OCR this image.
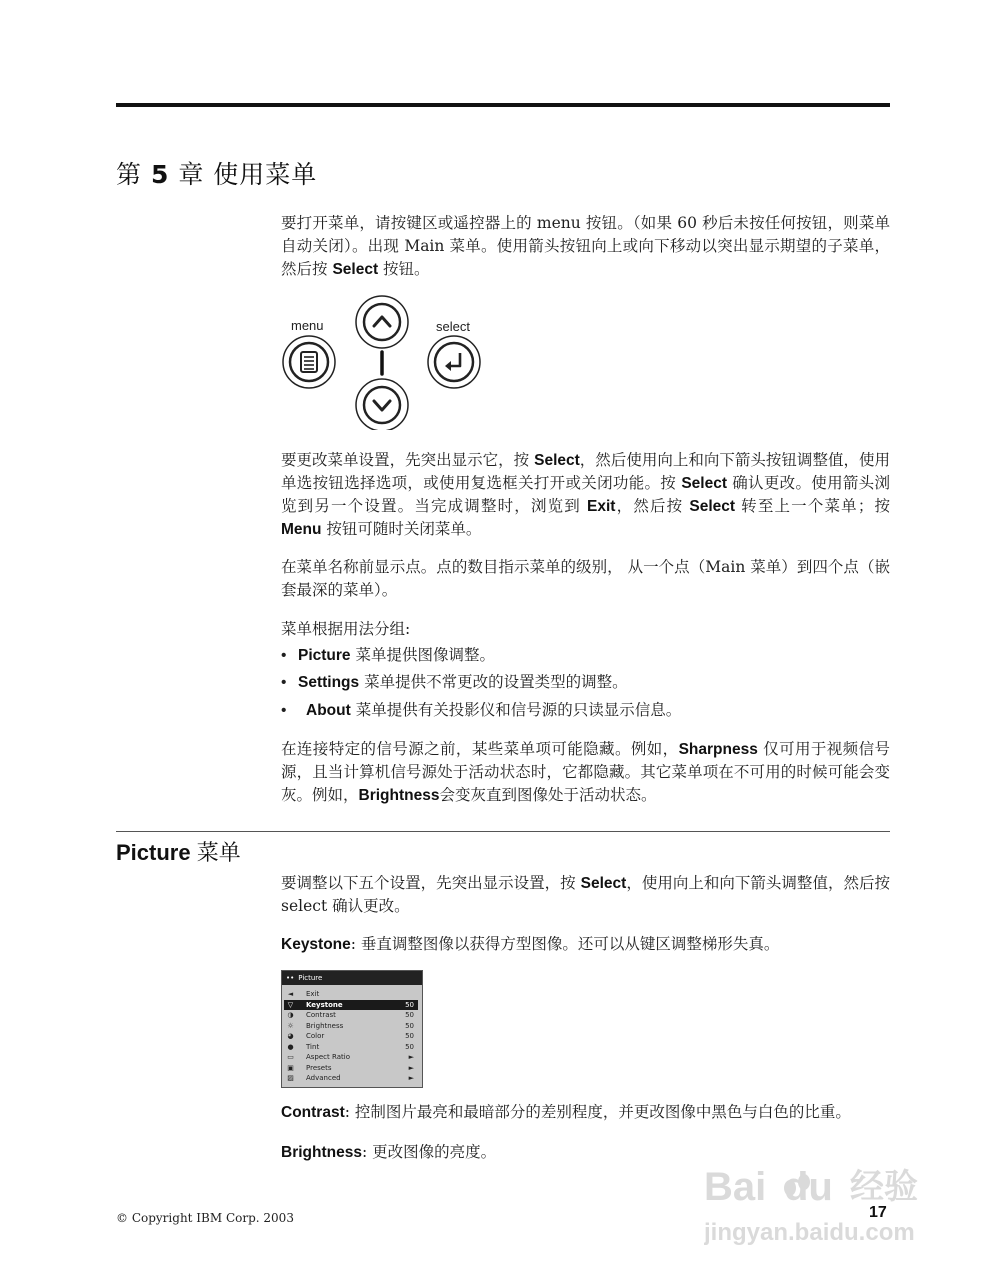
第 5 章 使用菜单
要打开菜单，请按键区或遥控器上的 menu 按钮。（如果 60 秒后未按任何按钮，则菜单自动关闭）。出现 Main 菜单。使用箭头按钮向上或向下移动以突出显示期望的子菜单，然后按 Select 按钮。
menu	select
要更改菜单设置，先突出显示它，按 Select，然后使用向上和向下箭头按钮调整值，使用单选按钮选择选项，或使用复选框关打开或关闭功能。按 Select 确认更改。使用箭头浏览到另一个设置。当完成调整时，浏览到 Exit，然后按 Select 转至上一个菜单；按 Menu 按钮可随时关闭菜单。
在菜单名称前显示点。点的数目指示菜单的级别， 从一个点（Main 菜单）到四个点（嵌套最深的菜单）。
菜单根据用法分组:
• Picture 菜单提供图像调整。
• Settings 菜单提供不常更改的设置类型的调整。
• About 菜单提供有关投影仪和信号源的只读显示信息。
在连接特定的信号源之前，某些菜单项可能隐藏。例如，Sharpness 仅可用于视频信号源，且当计算机信号源处于活动状态时，它都隐藏。其它菜单项在不可用的时候可能会变灰。例如，Brightness会变灰直到图像处于活动状态。
Picture 菜单
要调整以下五个设置，先突出显示设置，按 Select，使用向上和向下箭头调整值，然后按 select 确认更改。
Keystone: 垂直调整图像以获得方型图像。还可以从键区调整梯形失真。
•• Picture
◄ Exit
▽ Keystone	50
◑ Contrast	50
☼ Brightness	50
◕ Color	50
● Tint	50
▭ Aspect Ratio	►
▣ Presets	►
▨ Advanced	►
Contrast: 控制图片最亮和最暗部分的差别程度，并更改图像中黑色与白色的比重。
Brightness: 更改图像的亮度。
Bai du 经验
jingyan.baidu.com
© Copyright IBM Corp. 2003	17
